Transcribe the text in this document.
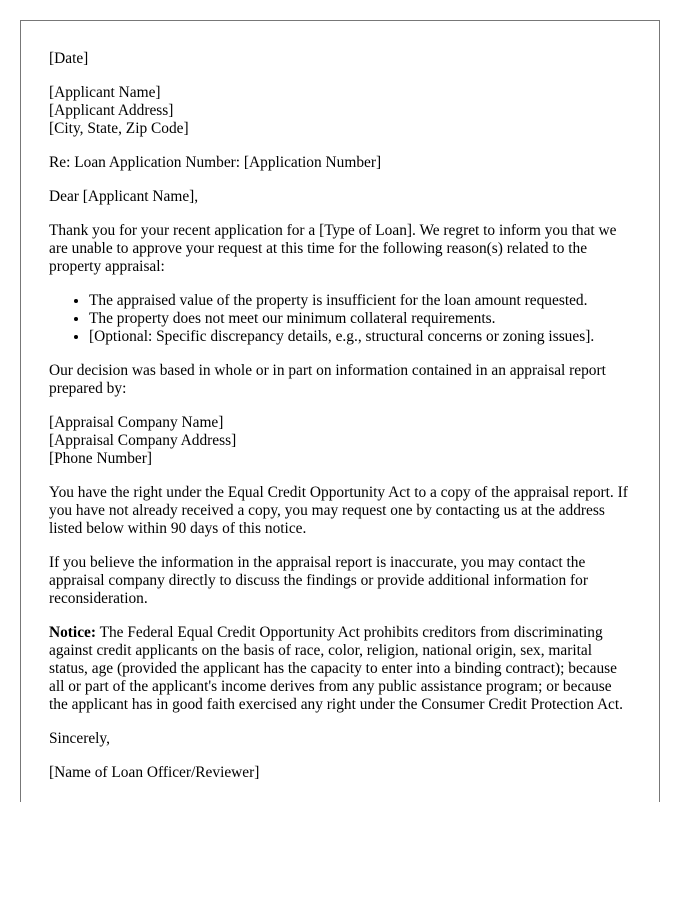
[Date]

[Applicant Name]
[Applicant Address]
[City, State, Zip Code]

Re: Loan Application Number: [Application Number]

Dear [Applicant Name],

Thank you for your recent application for a [Type of Loan]. We regret to inform you that we are unable to approve your request at this time for the following reason(s) related to the property appraisal:

• The appraised value of the property is insufficient for the loan amount requested.
• The property does not meet our minimum collateral requirements.
• [Optional: Specific discrepancy details, e.g., structural concerns or zoning issues].

Our decision was based in whole or in part on information contained in an appraisal report prepared by:

[Appraisal Company Name]
[Appraisal Company Address]
[Phone Number]

You have the right under the Equal Credit Opportunity Act to a copy of the appraisal report. If you have not already received a copy, you may request one by contacting us at the address listed below within 90 days of this notice.

If you believe the information in the appraisal report is inaccurate, you may contact the appraisal company directly to discuss the findings or provide additional information for reconsideration.

Notice: The Federal Equal Credit Opportunity Act prohibits creditors from discriminating against credit applicants on the basis of race, color, religion, national origin, sex, marital status, age (provided the applicant has the capacity to enter into a binding contract); because all or part of the applicant's income derives from any public assistance program; or because the applicant has in good faith exercised any right under the Consumer Credit Protection Act.

Sincerely,

[Name of Loan Officer/Reviewer]
